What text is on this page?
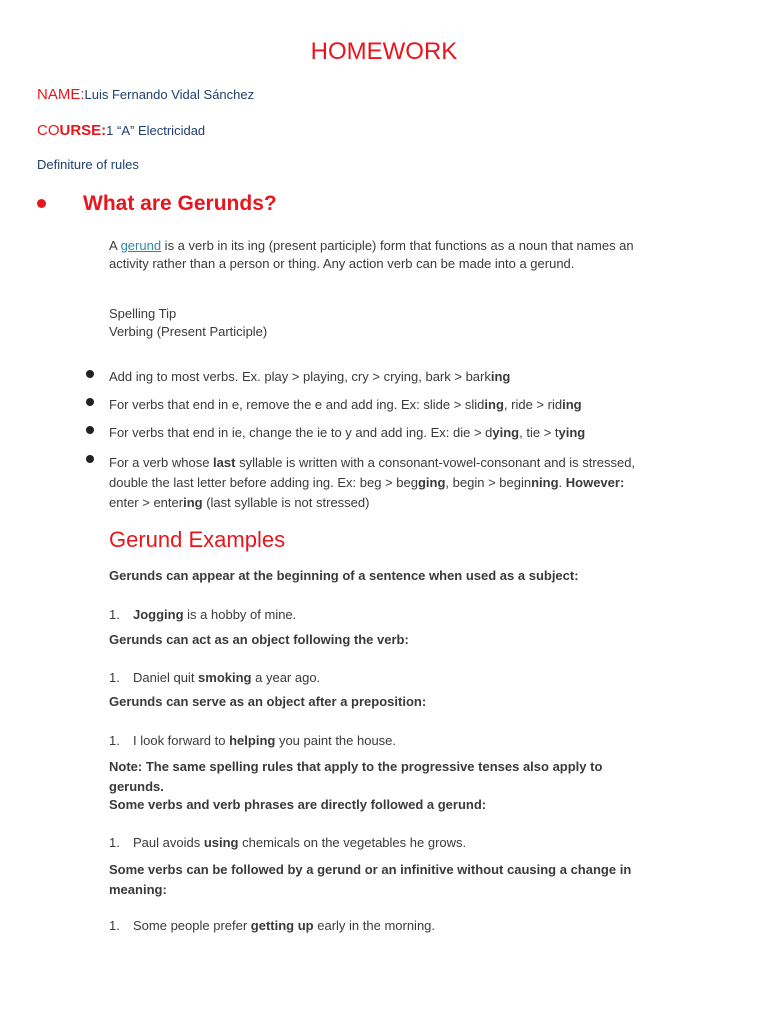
HOMEWORK
NAME:Luis Fernando Vidal Sánchez
COURSE:1 “A” Electricidad
Definiture of rules
What are Gerunds?
A gerund is a verb in its ing (present participle) form that functions as a noun that names an activity rather than a person or thing. Any action verb can be made into a gerund.
Spelling Tip
Verbing (Present Participle)
Add ing to most verbs. Ex. play > playing, cry > crying, bark > barking
For verbs that end in e, remove the e and add ing. Ex: slide > sliding, ride > riding
For verbs that end in ie, change the ie to y and add ing. Ex: die > dying, tie > tying
For a verb whose last syllable is written with a consonant-vowel-consonant and is stressed, double the last letter before adding ing. Ex: beg > begging, begin > beginning. However: enter > entering (last syllable is not stressed)
Gerund Examples
Gerunds can appear at the beginning of a sentence when used as a subject:
1. Jogging is a hobby of mine.
Gerunds can act as an object following the verb:
1. Daniel quit smoking a year ago.
Gerunds can serve as an object after a preposition:
1. I look forward to helping you paint the house.
Note: The same spelling rules that apply to the progressive tenses also apply to gerunds.
Some verbs and verb phrases are directly followed a gerund:
1. Paul avoids using chemicals on the vegetables he grows.
Some verbs can be followed by a gerund or an infinitive without causing a change in meaning:
1. Some people prefer getting up early in the morning.
